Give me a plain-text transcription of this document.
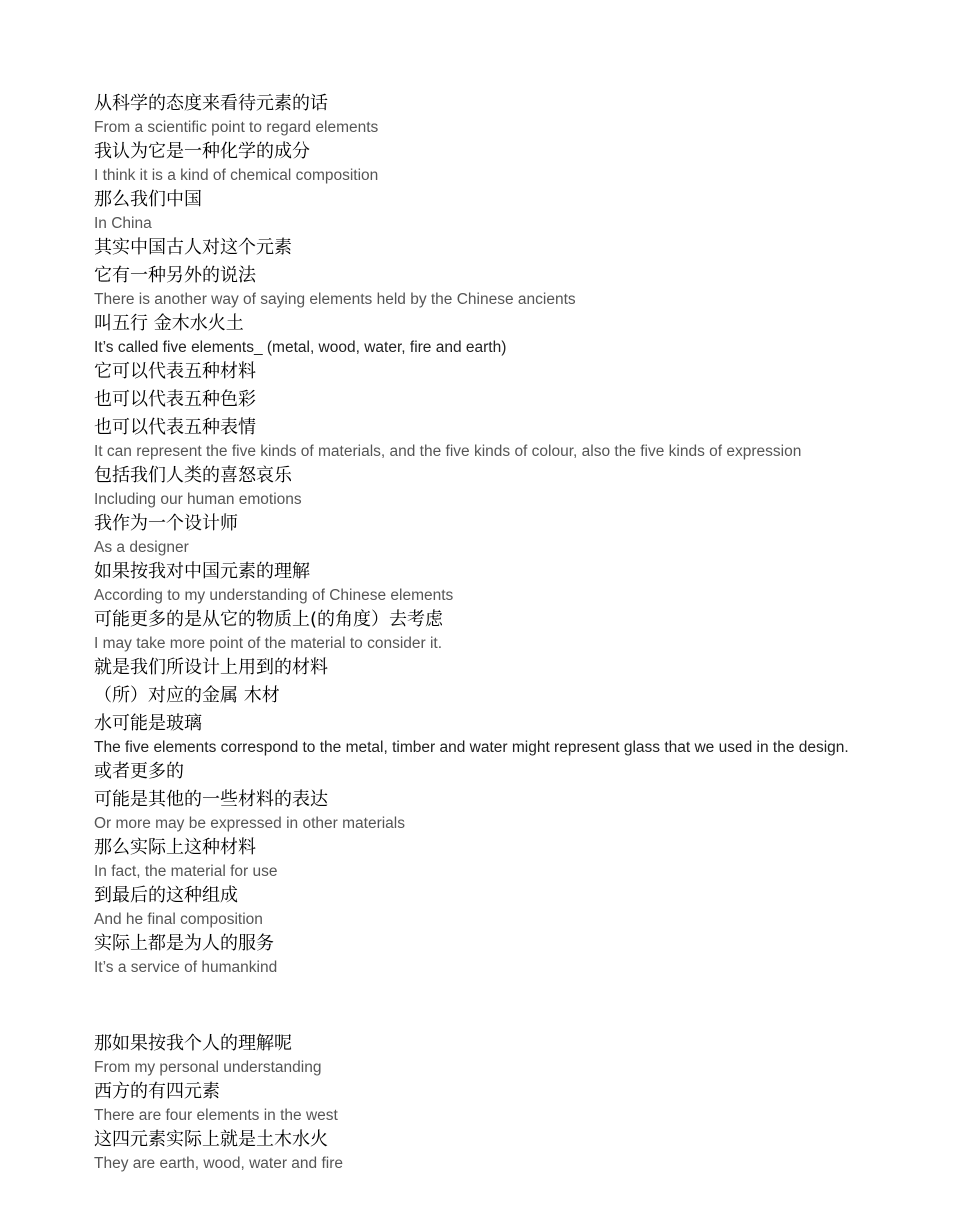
从科学的态度来看待元素的话
From a scientific point to regard elements
我认为它是一种化学的成分
I think it is a kind of chemical composition
那么我们中国
In China
其实中国古人对这个元素
它有一种另外的说法
There is another way of saying elements held by the Chinese ancients
叫五行 金木水火土
It’s called five elements_ (metal, wood, water, fire and earth)
它可以代表五种材料
也可以代表五种色彩
也可以代表五种表情
It can represent the five kinds of materials, and the five kinds of colour, also the five kinds of expression
包括我们人类的喜怒哀乐
Including our human emotions
我作为一个设计师
As a designer
如果按我对中国元素的理解
According to my understanding of Chinese elements
可能更多的是从它的物质上(的角度）去考虑
I may take more point of the material to consider it.
就是我们所设计上用到的材料
（所）对应的金属 木材
水可能是玻璃
The five elements correspond to the metal, timber and water might represent glass that we used in the design.
或者更多的
可能是其他的一些材料的表达
Or more may be expressed in other materials
那么实际上这种材料
In fact, the material for use
到最后的这种组成
And he final composition
实际上都是为人的服务
It’s a service of humankind
那如果按我个人的理解呢
From my personal understanding
西方的有四元素
There are four elements in the west
这四元素实际上就是土木水火
They are earth, wood, water and fire
